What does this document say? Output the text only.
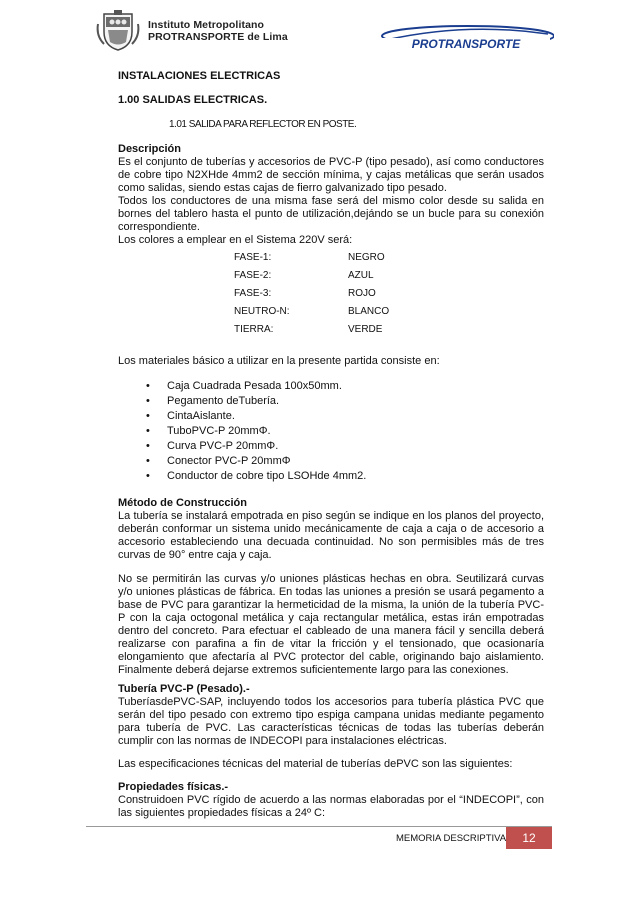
Instituto Metropolitano
PROTRANSPORTE de Lima	PROTRANSPORTE

INSTALACIONES ELECTRICAS

1.00 SALIDAS ELECTRICAS.

1.01 SALIDA PARA REFLECTOR EN POSTE.

Descripción

Es el conjunto de tuberías y accesorios de PVC-P (tipo pesado), así como conductores de cobre tipo N2XHde 4mm2 de sección mínima, y cajas metálicas que serán usados como salidas, siendo estas cajas de fierro galvanizado tipo pesado.

Todos los conductores de una misma fase será del mismo color desde su salida en bornes del tablero hasta el punto de utilización,dejándo se un bucle para su conexión correspondiente.

Los colores a emplear en el Sistema 220V será:

FASE-1:	NEGRO
FASE-2:	AZUL
FASE-3:	ROJO
NEUTRO-N:	BLANCO
TIERRA:	VERDE

Los materiales básico a utilizar en la presente partida consiste en:

• Caja Cuadrada Pesada 100x50mm.
• Pegamento deTubería.
• CintaAislante.
• TuboPVC-P 20mmΦ.
• Curva PVC-P 20mmΦ.
• Conector PVC-P 20mmΦ
• Conductor de cobre tipo LSOHde 4mm2.

Método de Construcción

La tubería se instalará empotrada en piso según se indique en los planos del proyecto, deberán conformar un sistema unido mecánicamente de caja a caja o de accesorio a accesorio estableciendo una decuada continuidad. No son permisibles más de tres curvas de 90° entre caja y caja.

No se permitirán las curvas y/o uniones plásticas hechas en obra. Seutilizará curvas y/o uniones plásticas de fábrica. En todas las uniones a presión se usará pegamento a base de PVC para garantizar la hermeticidad de la misma, la unión de la tubería PVC-P con la caja octogonal metálica y caja rectangular metálica, estas irán empotradas dentro del concreto. Para efectuar el cableado de una manera fácil y sencilla deberá realizarse con parafina a fin de vitar la fricción y el tensionado, que ocasionaría elongamiento que afectaría al PVC protector del cable, originando bajo aislamiento. Finalmente deberá dejarse extremos suficientemente largo para las conexiones.

Tubería PVC-P (Pesado).-

TuberíasdePVC-SAP, incluyendo todos los accesorios para tubería plástica PVC que serán del tipo pesado con extremo tipo espiga campana unidas mediante pegamento para tubería de PVC. Las características técnicas de todas las tuberías deberán cumplir con las normas de INDECOPI para instalaciones eléctricas.

Las especificaciones técnicas del material de tuberías dePVC son las siguientes:

Propiedades físicas.-

Construidoen PVC rígido de acuerdo a las normas elaboradas por el “INDECOPI”, con las siguientes propiedades físicas a 24º C:

MEMORIA DESCRIPTIVA	12
